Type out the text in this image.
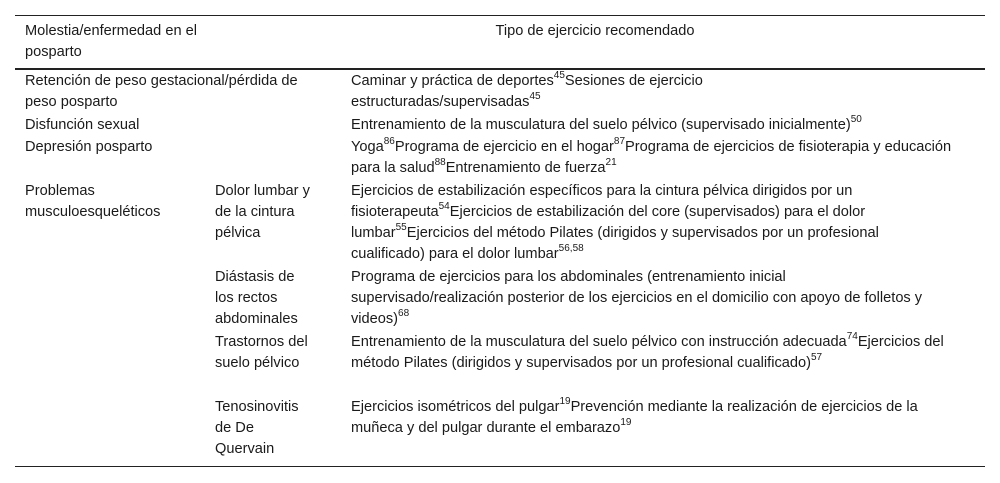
Molestia/enfermedad en el posparto
Tipo de ejercicio recomendado
Retención de peso gestacional/pérdida de peso posparto
Caminar y práctica de deportes$^{45}$Sesiones de ejercicio estructuradas/supervisadas$^{45}$
Disfunción sexual	Entrenamiento de la musculatura del suelo pélvico (supervisado inicialmente)$^{50}$
Depresión posparto	Yoga$^{86}$Programa de ejercicio en el hogar$^{87}$Programa de ejercicios de fisioterapia y educación para la salud$^{88}$Entrenamiento de fuerza$^{21}$
Problemas musculoesqueléticos
Dolor lumbar y de la cintura pélvica
Ejercicios de estabilización específicos para la cintura pélvica dirigidos por un fisioterapeuta$^{54}$Ejercicios de estabilización del core (supervisados) para el dolor lumbar$^{55}$Ejercicios del método Pilates (dirigidos y supervisados por un profesional cualificado) para el dolor lumbar$^{56,58}$
Diástasis de los rectos abdominales
Programa de ejercicios para los abdominales (entrenamiento inicial supervisado/realización posterior de los ejercicios en el domicilio con apoyo de folletos y videos)$^{68}$
Trastornos del suelo pélvico
Entrenamiento de la musculatura del suelo pélvico con instrucción adecuada$^{74}$Ejercicios del método Pilates (dirigidos y supervisados por un profesional cualificado)$^{57}$
Tenosinovitis de De Quervain
Ejercicios isométricos del pulgar$^{19}$Prevención mediante la realización de ejercicios de la muñeca y del pulgar durante el embarazo$^{19}$
